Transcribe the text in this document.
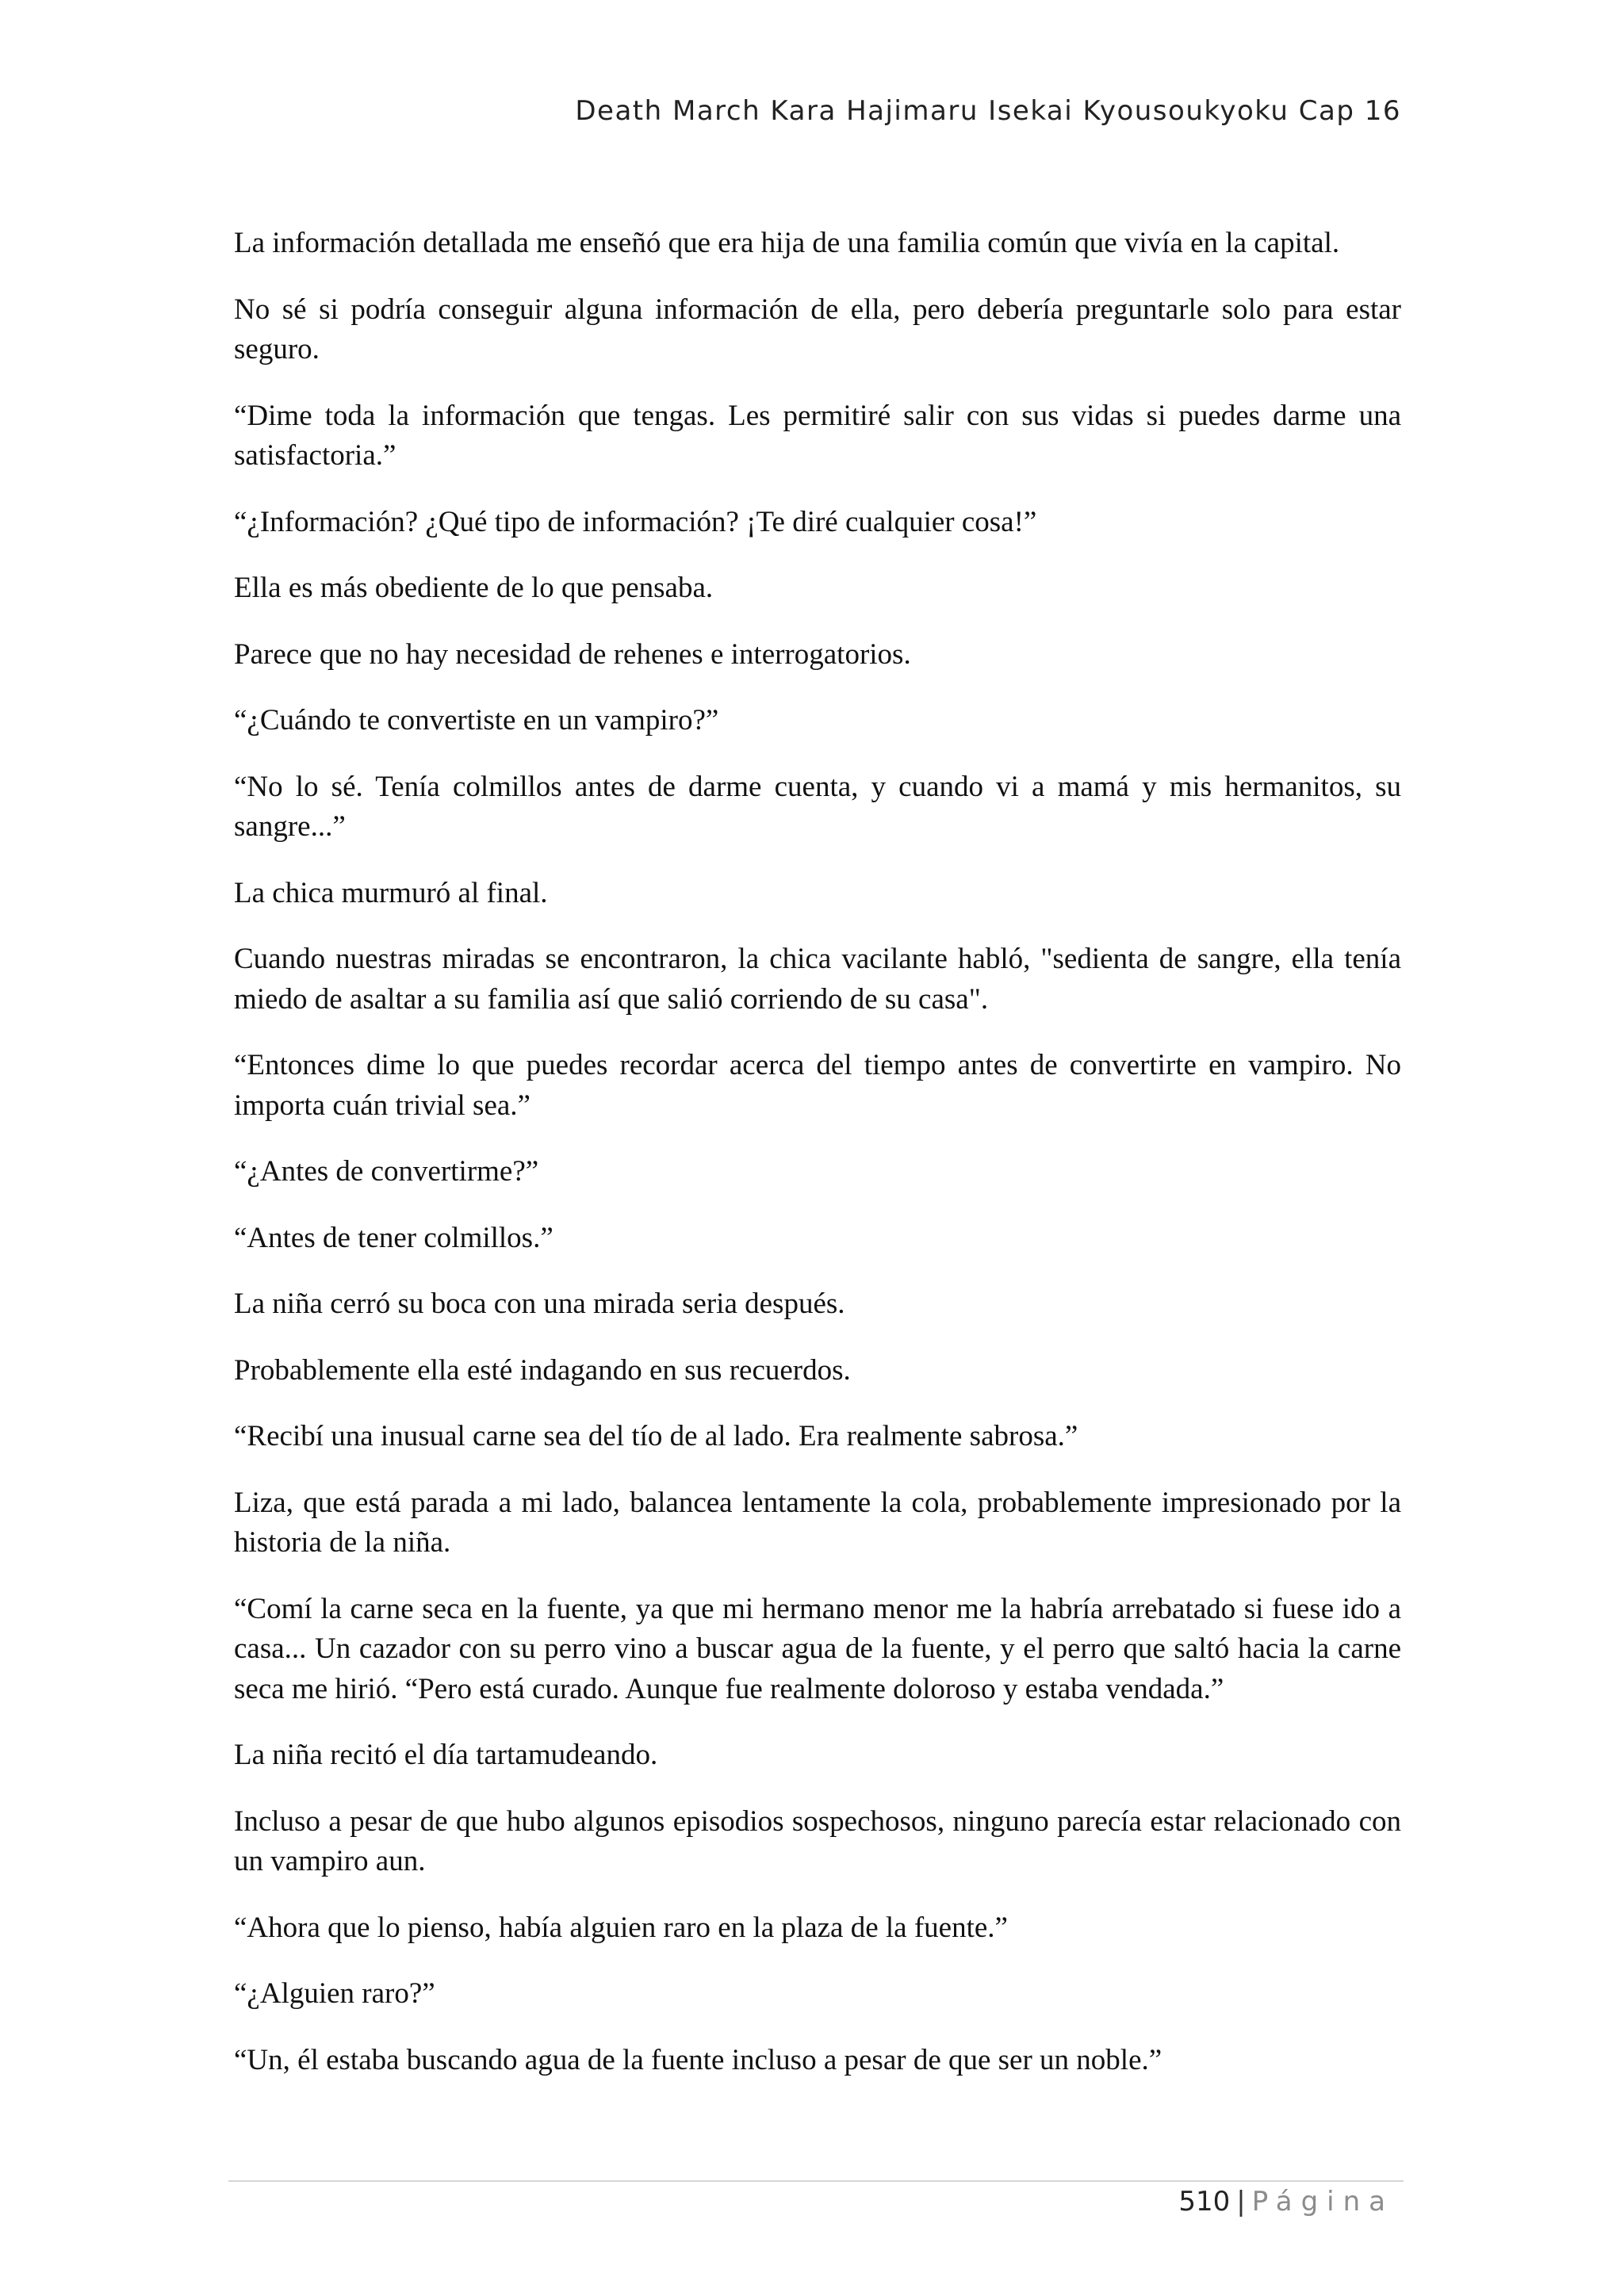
Death March Kara Hajimaru Isekai Kyousoukyoku Cap 16

La información detallada me enseñó que era hija de una familia común que vivía en la capital.

No sé si podría conseguir alguna información de ella, pero debería preguntarle solo para estar seguro.

“Dime toda la información que tengas. Les permitiré salir con sus vidas si puedes darme una satisfactoria.”

“¿Información? ¿Qué tipo de información? ¡Te diré cualquier cosa!”

Ella es más obediente de lo que pensaba.

Parece que no hay necesidad de rehenes e interrogatorios.

“¿Cuándo te convertiste en un vampiro?”

“No lo sé. Tenía colmillos antes de darme cuenta, y cuando vi a mamá y mis hermanitos, su sangre...”

La chica murmuró al final.

Cuando nuestras miradas se encontraron, la chica vacilante habló, "sedienta de sangre, ella tenía miedo de asaltar a su familia así que salió corriendo de su casa".

“Entonces dime lo que puedes recordar acerca del tiempo antes de convertirte en vampiro. No importa cuán trivial sea.”

“¿Antes de convertirme?”

“Antes de tener colmillos.”

La niña cerró su boca con una mirada seria después.

Probablemente ella esté indagando en sus recuerdos.

“Recibí una inusual carne sea del tío de al lado. Era realmente sabrosa.”

Liza, que está parada a mi lado, balancea lentamente la cola, probablemente impresionado por la historia de la niña.

“Comí la carne seca en la fuente, ya que mi hermano menor me la habría arrebatado si fuese ido a casa... Un cazador con su perro vino a buscar agua de la fuente, y el perro que saltó hacia la carne seca me hirió. “Pero está curado. Aunque fue realmente doloroso y estaba vendada.”

La niña recitó el día tartamudeando.

Incluso a pesar de que hubo algunos episodios sospechosos, ninguno parecía estar relacionado con un vampiro aun.

“Ahora que lo pienso, había alguien raro en la plaza de la fuente.”

“¿Alguien raro?”

“Un, él estaba buscando agua de la fuente incluso a pesar de que ser un noble.”

510 | Página
